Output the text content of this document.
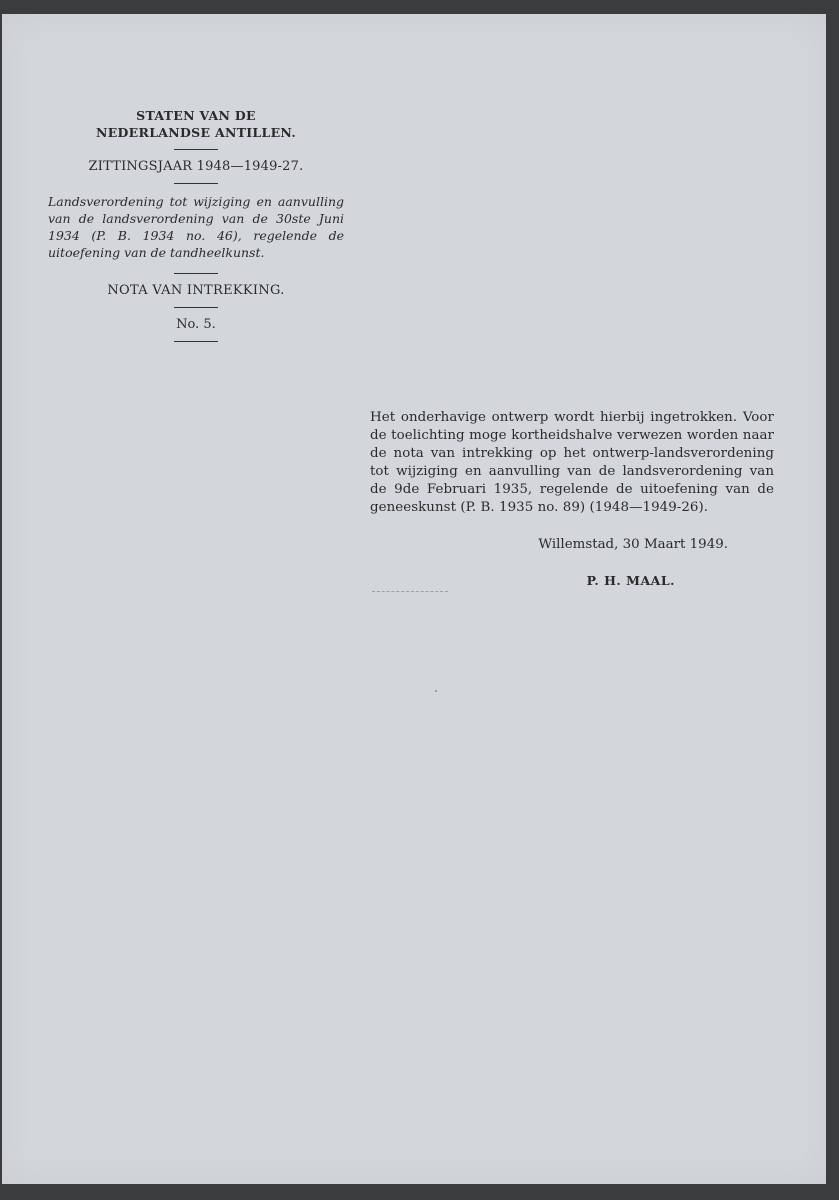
STATEN VAN DE

NEDERLANDSE ANTILLEN.

ZITTINGSJAAR 1948—1949-27.
Landsverordening tot wijziging en aanvulling van de landsverordening van de 30ste Juni 1934 (P. B. 1934 no. 46), regelende de uitoefening van de tandheelkunst.
NOTA VAN INTREKKING.
No. 5.
Het onderhavige ontwerp wordt hierbij ingetrokken. Voor de toelichting moge kortheidshalve verwezen worden naar de nota van intrekking op het ontwerp-landsverordening tot wijziging en aanvulling van de landsverordening van de 9de Februari 1935, regelende de uitoefening van de geneeskunst (P. B. 1935 no. 89) (1948—1949-26).
Willemstad, 30 Maart 1949.
P. H. MAAL.
